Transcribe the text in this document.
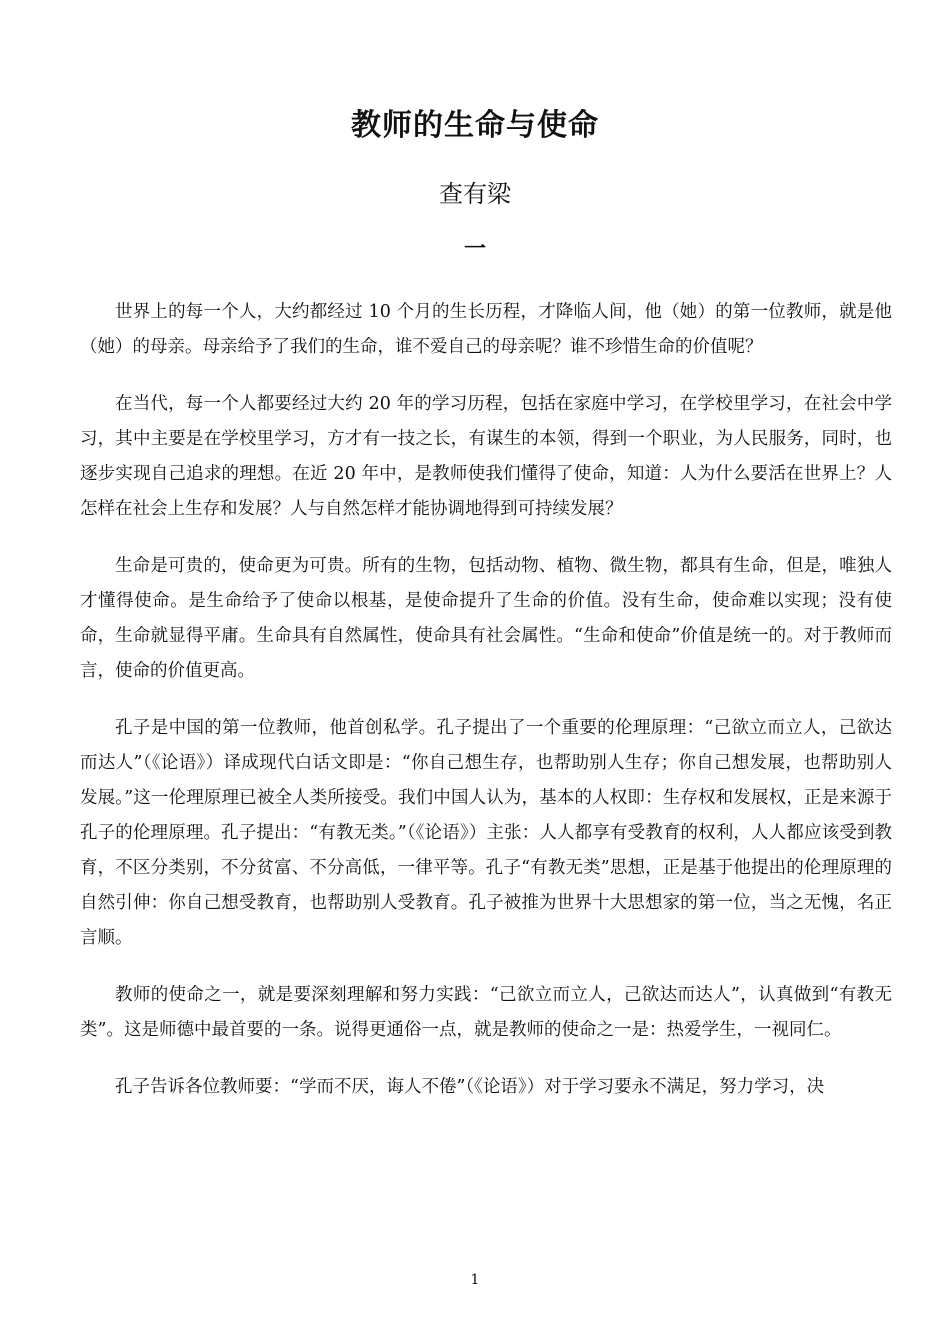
教师的生命与使命
查有梁
一

世界上的每一个人，大约都经过 10 个月的生长历程，才降临人间，他（她）的第一位教师，就是他（她）的母亲。母亲给予了我们的生命，谁不爱自己的母亲呢？谁不珍惜生命的价值呢？

在当代，每一个人都要经过大约 20 年的学习历程，包括在家庭中学习，在学校里学习，在社会中学习，其中主要是在学校里学习，方才有一技之长，有谋生的本领，得到一个职业，为人民服务，同时，也逐步实现自己追求的理想。在近 20 年中，是教师使我们懂得了使命，知道：人为什么要活在世界上？人怎样在社会上生存和发展？人与自然怎样才能协调地得到可持续发展？

生命是可贵的，使命更为可贵。所有的生物，包括动物、植物、微生物，都具有生命，但是，唯独人才懂得使命。是生命给予了使命以根基，是使命提升了生命的价值。没有生命，使命难以实现；没有使命，生命就显得平庸。生命具有自然属性，使命具有社会属性。“生命和使命”价值是统一的。对于教师而言，使命的价值更高。

孔子是中国的第一位教师，他首创私学。孔子提出了一个重要的伦理原理：“己欲立而立人，己欲达而达人”（《论语》）译成现代白话文即是：“你自己想生存，也帮助别人生存；你自己想发展，也帮助别人发展。”这一伦理原理已被全人类所接受。我们中国人认为，基本的人权即：生存权和发展权，正是来源于孔子的伦理原理。孔子提出：“有教无类。”（《论语》）主张：人人都享有受教育的权利，人人都应该受到教育，不区分类别，不分贫富、不分高低，一律平等。孔子“有教无类”思想，正是基于他提出的伦理原理的自然引伸：你自己想受教育，也帮助别人受教育。孔子被推为世界十大思想家的第一位，当之无愧，名正言顺。

教师的使命之一，就是要深刻理解和努力实践：“己欲立而立人，己欲达而达人”，认真做到“有教无类”。这是师德中最首要的一条。说得更通俗一点，就是教师的使命之一是：热爱学生，一视同仁。

孔子告诉各位教师要：“学而不厌，诲人不倦”（《论语》）对于学习要永不满足，努力学习，决

1
